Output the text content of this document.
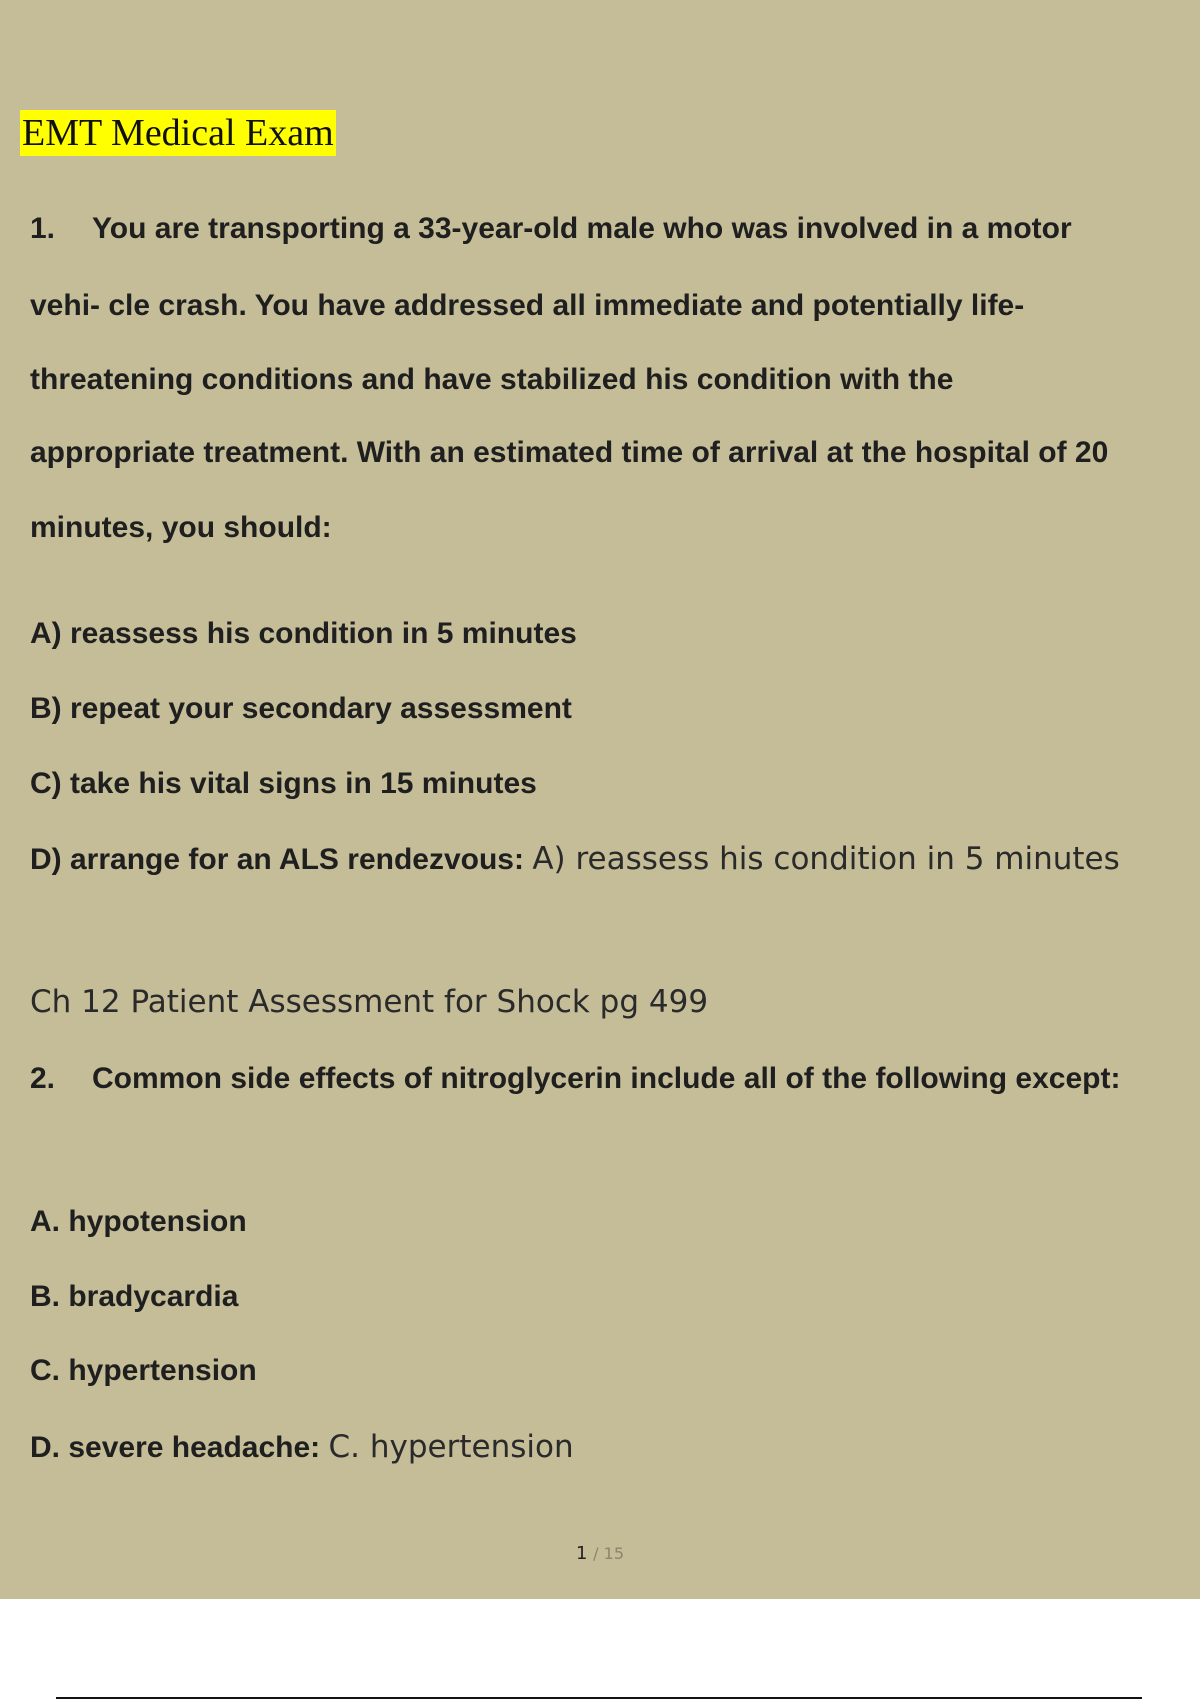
EMT Medical Exam
1. You are transporting a 33-year-old male who was involved in a motor
vehi- cle crash. You have addressed all immediate and potentially life-
threatening conditions and have stabilized his condition with the
appropriate treatment. With an estimated time of arrival at the hospital of 20
minutes, you should:
A) reassess his condition in 5 minutes
B) repeat your secondary assessment
C) take his vital signs in 15 minutes
D) arrange for an ALS rendezvous: A) reassess his condition in 5 minutes
Ch 12 Patient Assessment for Shock pg 499
2. Common side effects of nitroglycerin include all of the following except:
A. hypotension
B. bradycardia
C. hypertension
D. severe headache: C. hypertension
1 / 15
